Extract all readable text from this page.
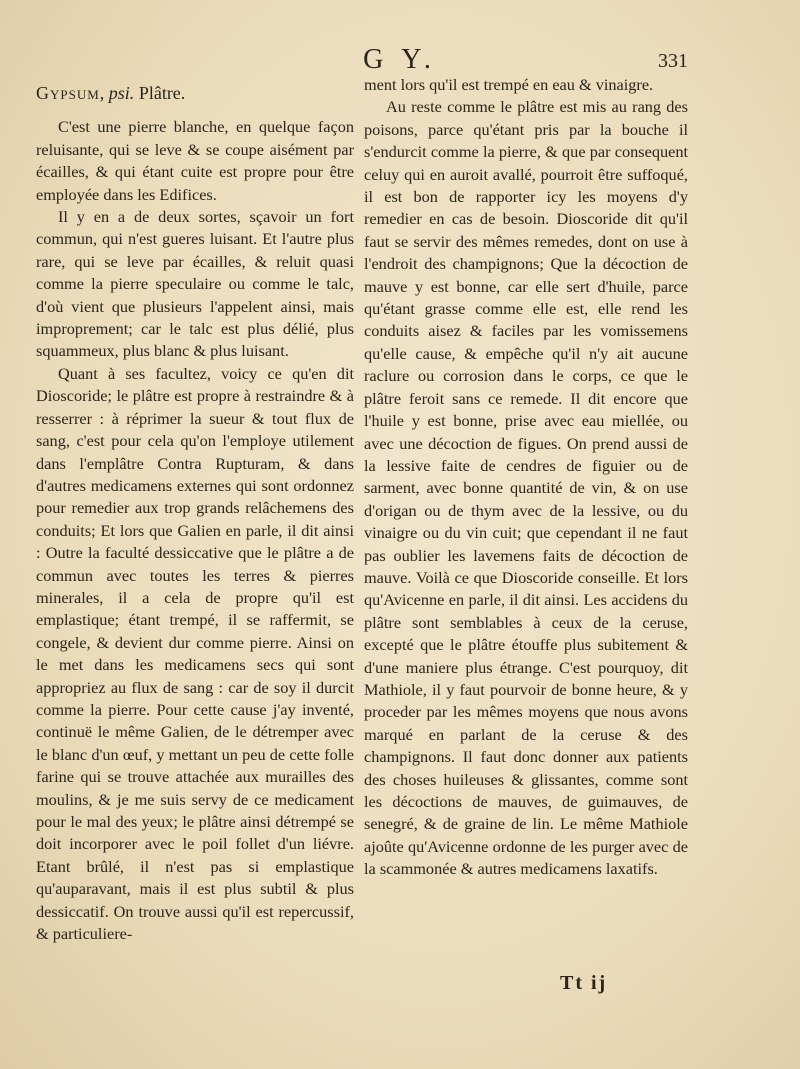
G Y.	331
Gypsum, psi. Plâtre.

C'est une pierre blanche, en quelque façon reluisante, qui se leve & se coupe aisément par écailles, & qui étant cuite est propre pour être employée dans les Edifices.

Il y en a de deux sortes, sçavoir un fort commun, qui n'est gueres luisant. Et l'autre plus rare, qui se leve par écailles, & reluit quasi comme la pierre speculaire ou comme le talc, d'où vient que plusieurs l'appelent ainsi, mais improprement; car le talc est plus délié, plus squammeux, plus blanc & plus luisant.

Quant à ses facultez, voicy ce qu'en dit Dioscoride; le plâtre est propre à restraindre & à resserrer : à réprimer la sueur & tout flux de sang, c'est pour cela qu'on l'employe utilement dans l'emplâtre Contra Rupturam, & dans d'autres medicamens externes qui sont ordonnez pour remedier aux trop grands relâchemens des conduits; Et lors que Galien en parle, il dit ainsi : Outre la faculté dessiccative que le plâtre a de commun avec toutes les terres & pierres minerales, il a cela de propre qu'il est emplastique; étant trempé, il se raffermit, se congele, & devient dur comme pierre. Ainsi on le met dans les medicamens secs qui sont appropriez au flux de sang : car de soy il durcit comme la pierre. Pour cette cause j'ay inventé, continuë le même Galien, de le détremper avec le blanc d'un œuf, y mettant un peu de cette folle farine qui se trouve attachée aux murailles des moulins, & je me suis servy de ce medicament pour le mal des yeux; le plâtre ainsi détrempé se doit incorporer avec le poil follet d'un liévre. Etant brûlé, il n'est pas si emplastique qu'auparavant, mais il est plus subtil & plus dessiccatif. On trouve aussi qu'il est repercussif, & particuliere-

ment lors qu'il est trempé en eau & vinaigre.

Au reste comme le plâtre est mis au rang des poisons, parce qu'étant pris par la bouche il s'endurcit comme la pierre, & que par consequent celuy qui en auroit avallé, pourroit être suffoqué, il est bon de rapporter icy les moyens d'y remedier en cas de besoin. Dioscoride dit qu'il faut se servir des mêmes remedes, dont on use à l'endroit des champignons; Que la décoction de mauve y est bonne, car elle sert d'huile, parce qu'étant grasse comme elle est, elle rend les conduits aisez & faciles par les vomissemens qu'elle cause, & empêche qu'il n'y ait aucune raclure ou corrosion dans le corps, ce que le plâtre feroit sans ce remede. Il dit encore que l'huile y est bonne, prise avec eau miellée, ou avec une décoction de figues. On prend aussi de la lessive faite de cendres de figuier ou de sarment, avec bonne quantité de vin, & on use d'origan ou de thym avec de la lessive, ou du vinaigre ou du vin cuit; que cependant il ne faut pas oublier les lavemens faits de décoction de mauve. Voilà ce que Dioscoride conseille. Et lors qu'Avicenne en parle, il dit ainsi. Les accidens du plâtre sont semblables à ceux de la ceruse, excepté que le plâtre étouffe plus subitement & d'une maniere plus étrange. C'est pourquoy, dit Mathiole, il y faut pourvoir de bonne heure, & y proceder par les mêmes moyens que nous avons marqué en parlant de la ceruse & des champignons. Il faut donc donner aux patients des choses huileuses & glissantes, comme sont les décoctions de mauves, de guimauves, de senegré, & de graine de lin. Le même Mathiole ajoûte qu'Avicenne ordonne de les purger avec de la scammonée & autres medicamens laxatifs.

Tt ij
